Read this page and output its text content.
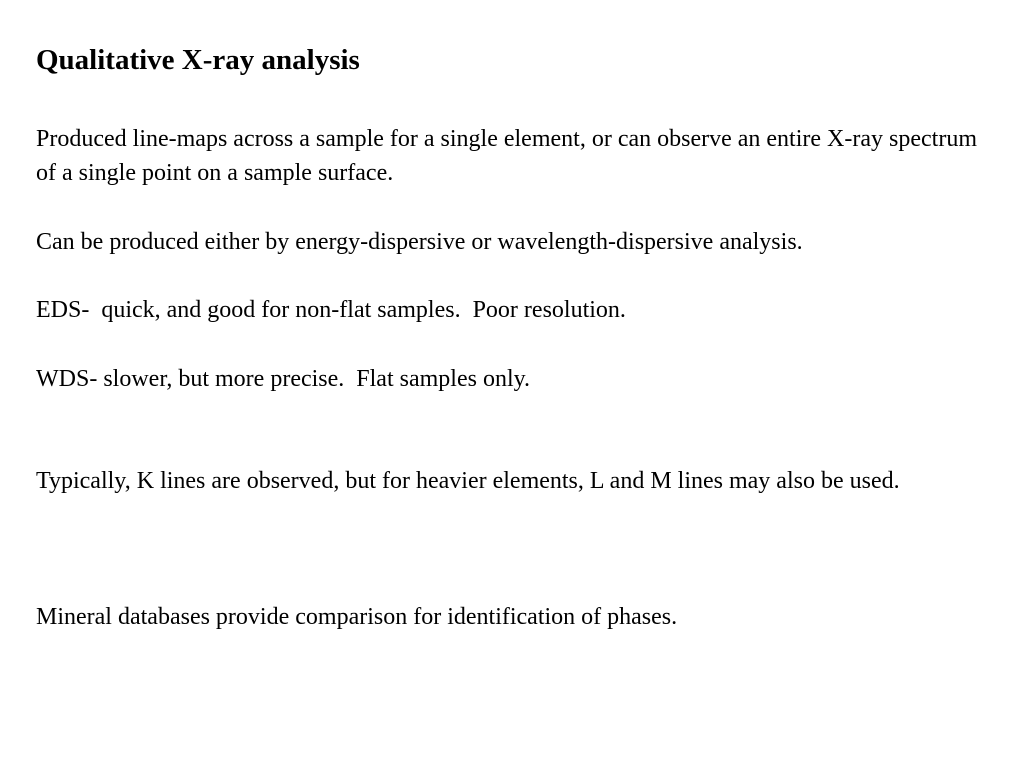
Qualitative X-ray analysis

Produced line-maps across a sample for a single element, or can observe an entire X-ray spectrum of a single point on a sample surface.

Can be produced either by energy-dispersive or wavelength-dispersive analysis.

EDS-  quick, and good for non-flat samples.  Poor resolution.

WDS- slower, but more precise.  Flat samples only.

Typically, K lines are observed, but for heavier elements, L and M lines may also be used.

Mineral databases provide comparison for identification of phases.
